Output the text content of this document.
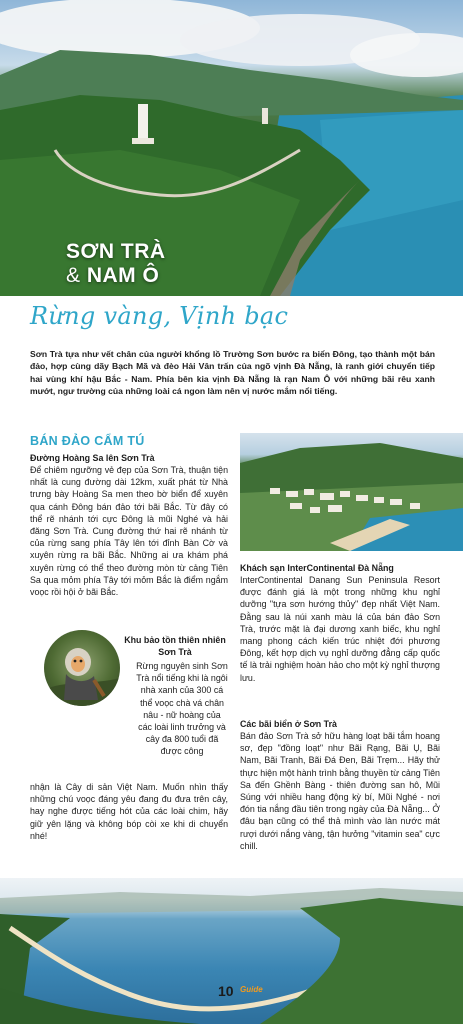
SƠN TRÀ
& NAM Ô
Rừng vàng, Vịnh bạc

Sơn Trà tựa như vết chân của người khổng lồ Trường Sơn bước ra biển Đông, tạo thành một bán đảo, hợp cùng dãy Bạch Mã và đèo Hải Vân trấn của ngõ vịnh Đà Nẵng, là ranh giới chuyển tiếp hai vùng khí hậu Bắc - Nam. Phía bên kia vịnh Đà Nẵng là rạn Nam Ô với những bãi rêu xanh mướt, ngư trường của những loài cá ngon làm nên vị nước mắm nổi tiếng.

BÁN ĐẢO CẨM TÚ
Đường Hoàng Sa lên Sơn Trà

Để chiêm ngưỡng vẻ đẹp của Sơn Trà, thuận tiện nhất là cung đường dài 12km, xuất phát từ Nhà trưng bày Hoàng Sa men theo bờ biển để xuyên qua cánh Đông bán đảo tới bãi Bắc. Từ đây có thể rẽ nhánh tới cực Đông là mũi Nghé và hải đăng Sơn Trà. Cung đường thứ hai rẽ nhánh từ của rừng sang phía Tây lên tới đỉnh Bàn Cờ và xuyên rừng ra bãi Bắc. Những ai ưa khám phá xuyên rừng có thể theo đường mòn từ cảng Tiên Sa qua mỏm phía Tây tới mỏm Bắc là điểm ngắm voọc rồi hội ở bãi Bắc.

Khu bảo tồn thiên nhiên Sơn Trà

Rừng nguyên sinh Sơn Trà nổi tiếng khi là ngôi nhà xanh của 300 cá thể voọc chà vá chân nâu - nữ hoàng của các loài linh trưởng và cây đa 800 tuổi đã được công

nhận là Cây di sản Việt Nam. Muốn nhìn thấy những chú voọc đáng yêu đang đu đưa trên cây, hay nghe được tiếng hót của các loài chim, hãy giữ yên lặng và không bóp còi xe khi di chuyển nhé!

Khách sạn InterContinental Đà Nẵng

InterContinental Danang Sun Peninsula Resort được đánh giá là một trong những khu nghỉ dưỡng "tựa sơn hướng thủy" đẹp nhất Việt Nam. Đằng sau là núi xanh màu lá của bán đảo Sơn Trà, trước mặt là đại dương xanh biếc, khu nghỉ mang phong cách kiến trúc nhiệt đới phương Đông, kết hợp dịch vụ nghỉ dưỡng đẳng cấp quốc tế là trải nghiệm hoàn hảo cho một kỳ nghỉ thượng lưu.

Các bãi biển ở Sơn Trà

Bán đảo Sơn Trà sở hữu hàng loạt bãi tắm hoang sơ, đẹp "đồng loạt" như Bãi Rạng, Bãi Ụ, Bãi Nam, Bãi Tranh, Bãi Đá Đen, Bãi Trẹm... Hãy thử thực hiện một hành trình bằng thuyền từ cảng Tiên Sa đến Ghềnh Bàng - thiên đường san hô, Mũi Súng với nhiều hang động kỳ bí, Mũi Nghé - nơi đón tia nắng đầu tiên trong ngày của Đà Nẵng... Ở đâu bạn cũng có thể thả mình vào làn nước mát rượi dưới nắng vàng, tận hưởng "vitamin sea" cực chill.

10 Guide
